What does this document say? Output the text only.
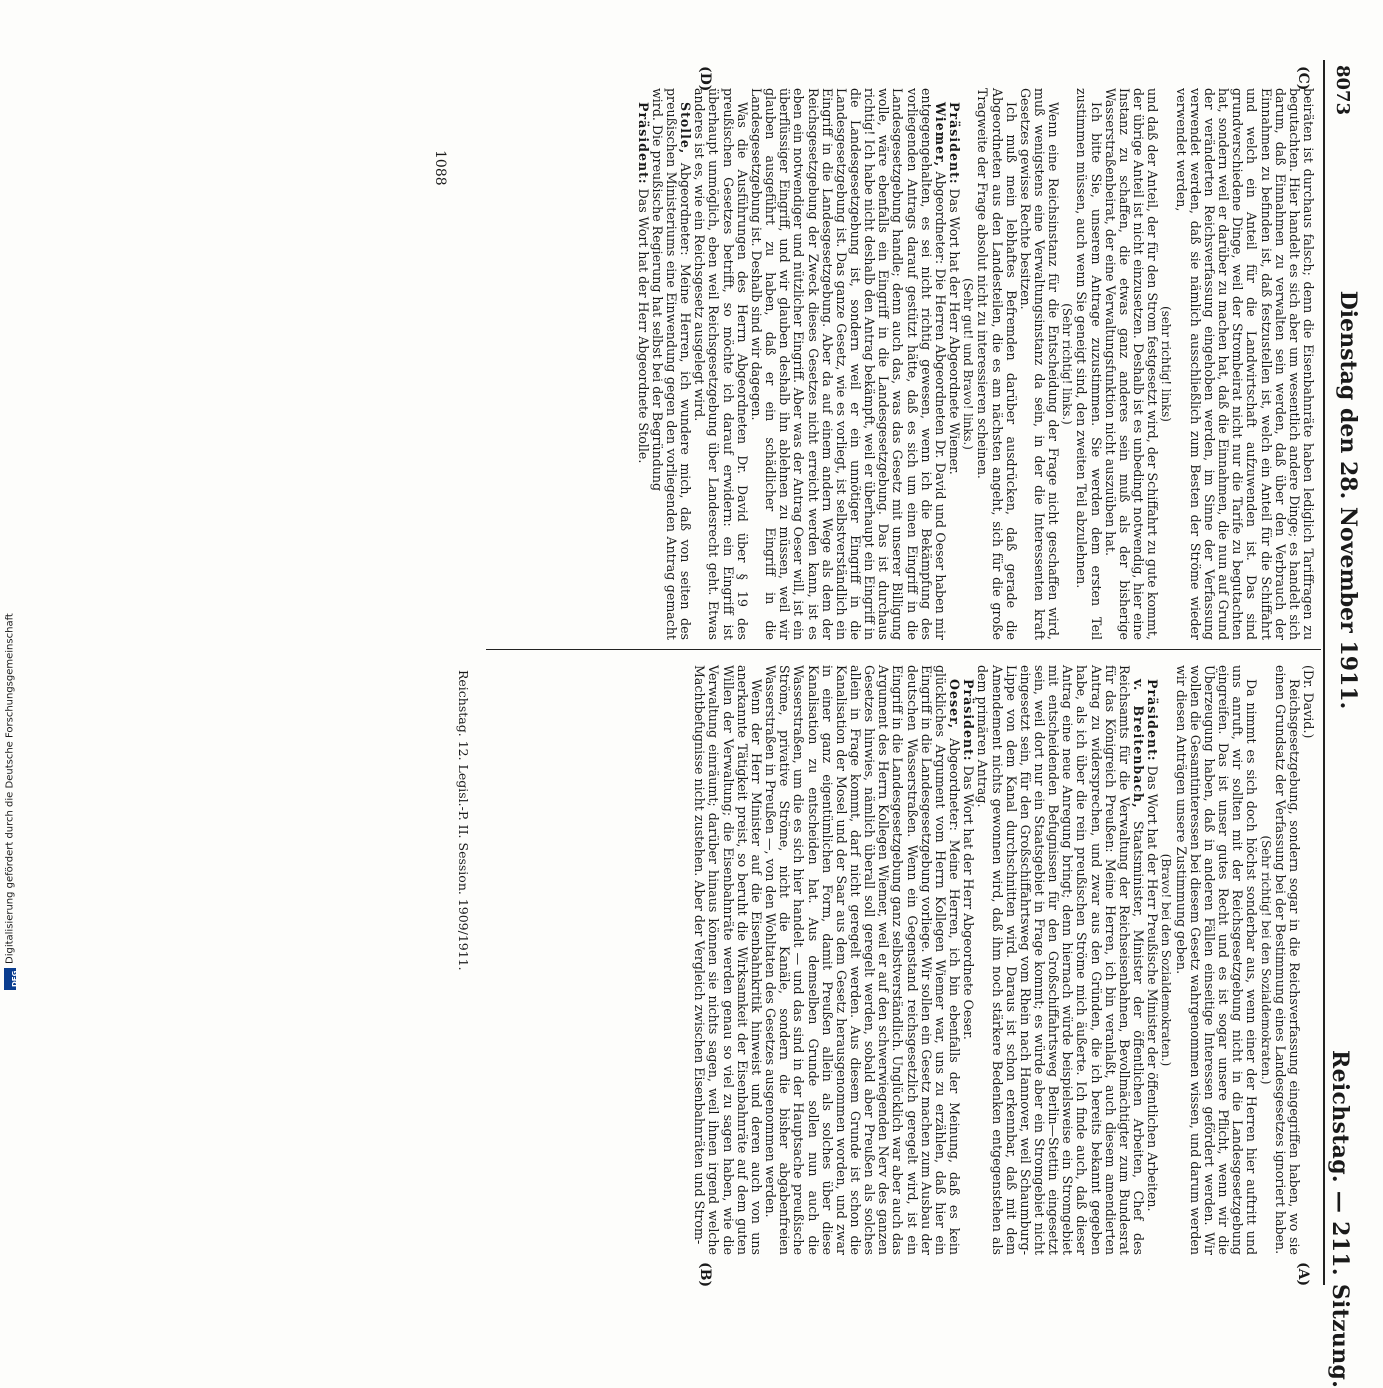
Reichstag. — 211. Sitzung.
Dienstag den 28. November 1911.
8073
(A)
(B)
(C)
(D)

(Dr. David.)

Reichsgesetzgebung, sondern sogar in die Reichsverfassung eingegriffen haben, wo sie einen Grundsatz der Verfassung bei der Bestimmung eines Landesgesetzes ignoriert haben.

(Sehr richtig! bei den Sozialdemokraten.)

Da nimmt es sich doch höchst sonderbar aus, wenn einer der Herren hier auftritt und uns anruft, wir sollten mit der Reichsgesetzgebung nicht in die Landesgesetzgebung eingreifen. Das ist unser gutes Recht und es ist sogar unsere Pflicht, wenn wir die Überzeugung haben, daß in anderen Fällen einseitige Interessen gefördert werden. Wir wollen die Gesamtinteressen bei diesem Gesetz wahrgenommen wissen, und darum werden wir diesen Anträgen unsere Zustimmung geben.

(Bravo! bei den Sozialdemokraten.)

Präsident: Das Wort hat der Herr Preußische Minister der öffentlichen Arbeiten.

v. Breitenbach, Staatsminister, Minister der öffentlichen Arbeiten, Chef des Reichsamts für die Verwaltung der Reichseisenbahnen, Bevollmächtigter zum Bundesrat für das Königreich Preußen: Meine Herren, ich bin veranlaßt, auch diesem amendierten Antrag zu widersprechen, und zwar aus den Gründen, die ich bereits bekannt gegeben habe, als ich über die rein preußischen Ströme mich äußerte. Ich finde auch, daß dieser Antrag eine neue Anregung bringt; denn hiernach würde beispielsweise ein Stromgebiet mit entscheidenden Befugnissen für den Großschiffahrtsweg Berlin—Stettin eingesetzt sein, weil dort nur ein Staatsgebiet in Frage kommt; es würde aber ein Stromgebiet nicht eingesetzt sein, für den Großschiffahrtsweg vom Rhein nach Hannover, weil Schaumburg-Lippe von dem Kanal durchschnitten wird. Daraus ist schon erkennbar, daß mit dem Amendement nichts gewonnen wird, daß ihm noch stärkere Bedenken entgegenstehen als dem primären Antrag.

Präsident: Das Wort hat der Herr Abgeordnete Oeser.

Oeser, Abgeordneter: Meine Herren, ich bin ebenfalls der Meinung, daß es kein glückliches Argument vom Herrn Kollegen Wiemer war, uns zu erzählen, daß hier ein Eingriff in die Landesgesetzgebung vorliege. Wir sollen ein Gesetz machen zum Ausbau der deutschen Wasserstraßen. Wenn ein Gegenstand reichsgesetzlich geregelt wird, ist ein Eingriff in die Landesgesetzgebung ganz selbstverständlich. Unglücklich war aber auch das Argument des Herrn Kollegen Wiemer, weil er auf den schwerwiegenden Nerv des ganzen Gesetzes hinwies, nämlich überall soll geregelt werden, sobald aber Preußen als solches allein in Frage kommt, darf nicht geregelt werden. Aus diesem Grunde ist schon die Kanalisation der Mosel und der Saar aus dem Gesetz herausgenommen worden, und zwar in einer ganz eigentümlichen Form, damit Preußen allein als solches über diese Kanalisation zu entscheiden hat. Aus demselben Grunde sollen nun auch die Wasserstraßen, um die es sich hier handelt — und das sind in der Hauptsache preußische Ströme, privative Ströme, nicht die Kanäle, sondern die bisher abgabenfreien Wasserstraßen in Preußen —, von den Wohltaten des Gesetzes ausgenommen werden.

Wenn der Herr Minister auf die Eisenbahnkritik hinweist und deren auch von uns anerkannte Tätigkeit preist, so beruht die Wirksamkeit der Eisenbahnräte auf dem guten Willen der Verwaltung; die Eisenbahnräte werden genau so viel zu sagen haben, wie die Verwaltung einräumt; darüber hinaus können sie nichts sagen, weil ihnen irgend welche Machtbefugnisse nicht zustehen. Aber der Vergleich zwischen Eisenbahnräten und Strom-

beiräten ist durchaus falsch; denn die Eisenbahnräte haben lediglich Tariffragen zu begutachten. Hier handelt es sich aber um wesentlich andere Dinge; es handelt sich darum, daß Einnahmen zu verwalten sein werden, daß über den Verbrauch der Einnahmen zu befinden ist, daß festzustellen ist, welch ein Anteil für die Schiffahrt und welch ein Anteil für die Landwirtschaft aufzuwenden ist. Das sind grundverschiedene Dinge, weil der Strombeirat nicht nur die Tarife zu begutachten hat, sondern weil er darüber zu machen hat, daß die Einnahmen, die nun auf Grund der veränderten Reichsverfassung eingehoben werden, im Sinne der Verfassung verwendet werden, daß sie nämlich ausschließlich zum Besten der Ströme wieder verwendet werden,

(sehr richtig! links)

und daß der Anteil, der für den Strom festgesetzt wird, der Schiffahrt zu gute kommt, der übrige Anteil ist nicht einzusetzen. Deshalb ist es unbedingt notwendig, hier eine Instanz zu schaffen, die etwas ganz anderes sein muß als der bisherige Wasserstraßenbeirat, der eine Verwaltungsfunktion nicht auszuüben hat.

Ich bitte Sie, unserem Antrage zuzustimmen. Sie werden dem ersten Teil zustimmen müssen, auch wenn Sie geneigt sind, den zweiten Teil abzulehnen.

(Sehr richtig! links.)

Wenn eine Reichsinstanz für die Entscheidung der Frage nicht geschaffen wird, muß wenigstens eine Verwaltungsinstanz da sein, in der die Interessenten kraft Gesetzes gewisse Rechte besitzen.

Ich muß mein lebhaftes Befremden darüber ausdrücken, daß gerade die Abgeordneten aus den Landesteilen, die es am nächsten angeht, sich für die große Tragweite der Frage absolut nicht zu interessieren scheinen.

(Sehr gut! und Bravo! links.)

Präsident: Das Wort hat der Herr Abgeordnete Wiemer.

Wiemer, Abgeordneter: Die Herren Abgeordneten Dr. David und Oeser haben mir entgegengehalten, es sei nicht richtig gewesen, wenn ich die Bekämpfung des vorliegenden Antrags darauf gestützt hätte, daß es sich um einen Eingriff in die Landesgesetzgebung handle; denn auch das, was das Gesetz mit unserer Billigung wolle, wäre ebenfalls ein Eingriff in die Landesgesetzgebung. Das ist durchaus richtig! Ich habe nicht deshalb den Antrag bekämpft, weil er überhaupt ein Eingriff in die Landesgesetzgebung ist, sondern weil er ein unnötiger Eingriff in die Landesgesetzgebung ist. Das ganze Gesetz, wie es vorliegt, ist selbstverständlich ein Eingriff in die Landesgesetzgebung. Aber da auf einem andern Wege als dem der Reichsgesetzgebung der Zweck dieses Gesetzes nicht erreicht werden kann, ist es eben ein notwendiger und nützlicher Eingriff. Aber was der Antrag Oeser will, ist ein überflüssiger Eingriff, und wir glauben deshalb ihn ablehnen zu müssen, weil wir glauben ausgeführt zu haben, daß er ein schädlicher Eingriff in die Landesgesetzgebung ist. Deshalb sind wir dagegen.

Was die Ausführungen des Herrn Abgeordneten Dr. David über § 19 des preußischen Gesetzes betrifft, so möchte ich darauf erwidern: ein Eingriff ist überhaupt unmöglich, eben weil Reichsgesetzgebung über Landesrecht geht. Etwas anderes ist es, wie ein Reichsgesetz ausgelegt wird.

Stolle, Abgeordneter: Meine Herren, ich wundere mich, daß von seiten des preußischen Ministeriums eine Einwendung gegen den vorliegenden Antrag gemacht wird. Die preußische Regierung hat selbst bei der Begründung

Präsident: Das Wort hat der Herr Abgeordnete Stolle.

Reichstag. 12. Legisl.-P. II. Session. 1909/1911.
1088
DFG
Digitalisierung gefördert durch die Deutsche Forschungsgemeinschaft
